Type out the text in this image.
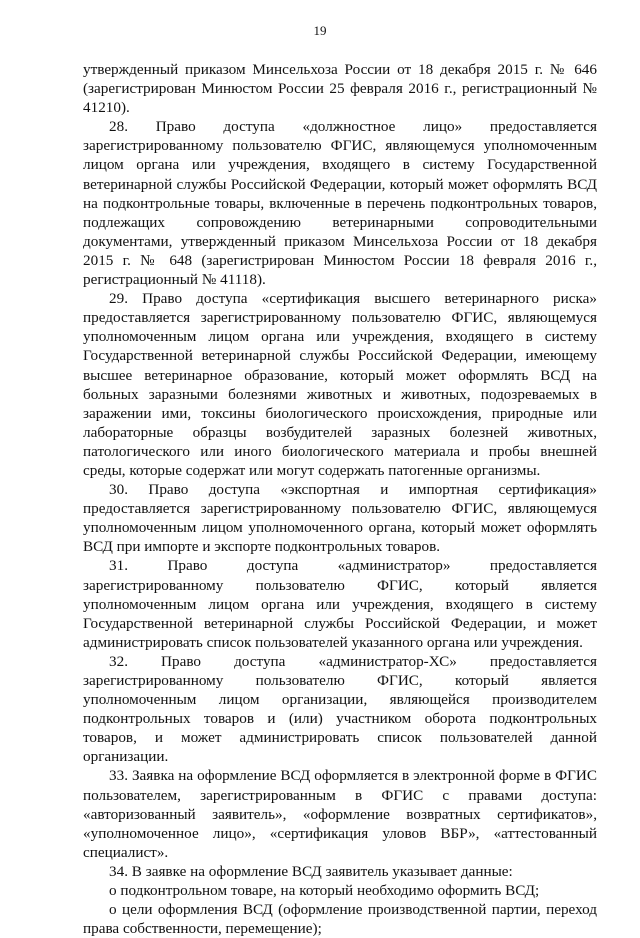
19

утвержденный приказом Минсельхоза России от 18 декабря 2015 г. № 646 (зарегистрирован Минюстом России 25 февраля 2016 г., регистрационный № 41210).

28. Право доступа «должностное лицо» предоставляется зарегистрированному пользователю ФГИС, являющемуся уполномоченным лицом органа или учреждения, входящего в систему Государственной ветеринарной службы Российской Федерации, который может оформлять ВСД на подконтрольные товары, включенные в перечень подконтрольных товаров, подлежащих сопровождению ветеринарными сопроводительными документами, утвержденный приказом Минсельхоза России от 18 декабря 2015 г. № 648 (зарегистрирован Минюстом России 18 февраля 2016 г., регистрационный № 41118).

29. Право доступа «сертификация высшего ветеринарного риска» предоставляется зарегистрированному пользователю ФГИС, являющемуся уполномоченным лицом органа или учреждения, входящего в систему Государственной ветеринарной службы Российской Федерации, имеющему высшее ветеринарное образование, который может оформлять ВСД на больных заразными болезнями животных и животных, подозреваемых в заражении ими, токсины биологического происхождения, природные или лабораторные образцы возбудителей заразных болезней животных, патологического или иного биологического материала и пробы внешней среды, которые содержат или могут содержать патогенные организмы.

30. Право доступа «экспортная и импортная сертификация» предоставляется зарегистрированному пользователю ФГИС, являющемуся уполномоченным лицом уполномоченного органа, который может оформлять ВСД при импорте и экспорте подконтрольных товаров.

31. Право доступа «администратор» предоставляется зарегистрированному пользователю ФГИС, который является уполномоченным лицом органа или учреждения, входящего в систему Государственной ветеринарной службы Российской Федерации, и может администрировать список пользователей указанного органа или учреждения.

32. Право доступа «администратор-ХС» предоставляется зарегистрированному пользователю ФГИС, который является уполномоченным лицом организации, являющейся производителем подконтрольных товаров и (или) участником оборота подконтрольных товаров, и может администрировать список пользователей данной организации.

33. Заявка на оформление ВСД оформляется в электронной форме в ФГИС пользователем, зарегистрированным в ФГИС с правами доступа: «авторизованный заявитель», «оформление возвратных сертификатов», «уполномоченное лицо», «сертификация уловов ВБР», «аттестованный специалист».

34. В заявке на оформление ВСД заявитель указывает данные:

о подконтрольном товаре, на который необходимо оформить ВСД;

о цели оформления ВСД (оформление производственной партии, переход права собственности, перемещение);
